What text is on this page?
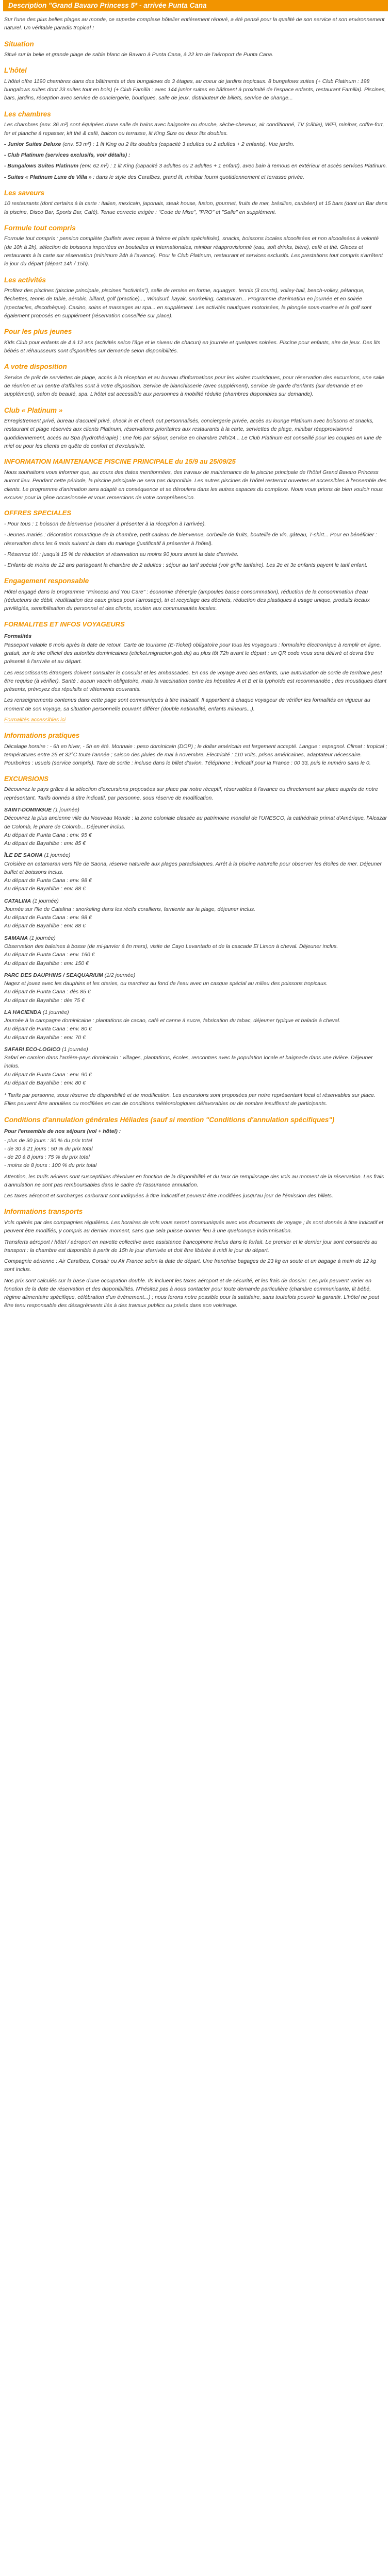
Description "Grand Bavaro Princess 5* - arrivée Punta Cana

Sur l'une des plus belles plages au monde, ce superbe complexe hôtelier entièrement rénové, a été pensé pour la qualité de son service et son environnement naturel. Un véritable paradis tropical !

Situation

Situé sur la belle et grande plage de sable blanc de Bavaro à Punta Cana, à 22 km de l'aéroport de Punta Cana.

L'hôtel

L'hôtel offre 1190 chambres dans des bâtiments et des bungalows de 3 étages, au coeur de jardins tropicaux. 8 bungalows suites (+ Club Platinum : 198 bungalows suites dont 23 suites tout en bois) (+ Club Familia : avec 144 junior suites en bâtiment à proximité de l'espace enfants, restaurant Familia). Piscines, bars, jardins, réception avec service de conciergerie, boutiques, salle de jeux, distributeur de billets, service de change...

Les chambres

Les chambres (env. 36 m²) sont équipées d'une salle de bains avec baignoire ou douche, sèche-cheveux, air conditionné, TV (câble), WiFi, minibar, coffre-fort, fer et planche à repasser, kit thé & café, balcon ou terrasse, lit King Size ou deux lits doubles.

- Junior Suites Deluxe (env. 53 m²) : 1 lit King ou 2 lits doubles (capacité 3 adultes ou 2 adultes + 2 enfants). Vue jardin.

- Club Platinum (services exclusifs, voir détails) :

- Bungalows Suites Platinum (env. 62 m²) : 1 lit King (capacité 3 adultes ou 2 adultes + 1 enfant), avec bain à remous en extérieur et accès services Platinum.

- Suites « Platinum Luxe de Villa » : dans le style des Caraïbes, grand lit, minibar fourni quotidiennement et terrasse privée.

Les saveurs

10 restaurants (dont certains à la carte : italien, mexicain, japonais, steak house, fusion, gourmet, fruits de mer, brésilien, caribéen) et 15 bars (dont un Bar dans la piscine, Disco Bar, Sports Bar, Café). Tenue correcte exigée : "Code de Mise", "PRO" et "Salle" en supplément.

Formule tout compris

Formule tout compris : pension complète (buffets avec repas à thème et plats spécialisés), snacks, boissons locales alcoolisées et non alcoolisées à volonté (de 10h à 2h), sélection de boissons importées en bouteilles et internationales, minibar réapprovisionné (eau, soft drinks, bière), café et thé. Glaces et restaurants à la carte sur réservation (minimum 24h à l'avance). Pour le Club Platinum, restaurant et services exclusifs. Les prestations tout compris s'arrêtent le jour du départ (départ 14h / 15h).

Les activités

Profitez des piscines (piscine principale, piscines "activités"), salle de remise en forme, aquagym, tennis (3 courts), volley-ball, beach-volley, pétanque, fléchettes, tennis de table, aérobic, billard, golf (practice)..., Windsurf, kayak, snorkeling, catamaran... Programme d'animation en journée et en soirée (spectacles, discothèque). Casino, soins et massages au spa... en supplément. Les activités nautiques motorisées, la plongée sous-marine et le golf sont également proposés en supplément (réservation conseillée sur place).

Pour les plus jeunes

Kids Club pour enfants de 4 à 12 ans (activités selon l'âge et le niveau de chacun) en journée et quelques soirées. Piscine pour enfants, aire de jeux. Des lits bébés et réhausseurs sont disponibles sur demande selon disponibilités.

A votre disposition

Service de prêt de serviettes de plage, accès à la réception et au bureau d'informations pour les visites touristiques, pour réservation des excursions, une salle de réunion et un centre d'affaires sont à votre disposition. Service de blanchisserie (avec supplément), service de garde d'enfants (sur demande et en supplément), salon de beauté, spa. L'hôtel est accessible aux personnes à mobilité réduite (chambres disponibles sur demande).

Club « Platinum »

Enregistrement privé, bureau d'accueil privé, check in et check out personnalisés, conciergerie privée, accès au lounge Platinum avec boissons et snacks, restaurant et plage réservés aux clients Platinum, réservations prioritaires aux restaurants à la carte, serviettes de plage, minibar réapprovisionné quotidiennement, accès au Spa (hydrothérapie) : une fois par séjour, service en chambre 24h/24... Le Club Platinum est conseillé pour les couples en lune de miel ou pour les clients en quête de confort et d'exclusivité.

INFORMATION MAINTENANCE PISCINE PRINCIPALE du 15/9 au 25/09/25

Nous souhaitons vous informer que, au cours des dates mentionnées, des travaux de maintenance de la piscine principale de l'hôtel Grand Bavaro Princess auront lieu. Pendant cette période, la piscine principale ne sera pas disponible. Les autres piscines de l'hôtel resteront ouvertes et accessibles à l'ensemble des clients. Le programme d'animation sera adapté en conséquence et se déroulera dans les autres espaces du complexe. Nous vous prions de bien vouloir nous excuser pour la gêne occasionnée et vous remercions de votre compréhension.

OFFRES SPECIALES

- Pour tous : 1 boisson de bienvenue (voucher à présenter à la réception à l'arrivée).

- Jeunes mariés : décoration romantique de la chambre, petit cadeau de bienvenue, corbeille de fruits, bouteille de vin, gâteau, T-shirt... Pour en bénéficier : réservation dans les 6 mois suivant la date du mariage (justificatif à présenter à l'hôtel).

- Réservez tôt : jusqu'à 15 % de réduction si réservation au moins 90 jours avant la date d'arrivée.

- Enfants de moins de 12 ans partageant la chambre de 2 adultes : séjour au tarif spécial (voir grille tarifaire). Les 2e et 3e enfants payent le tarif enfant.

Engagement responsable

Hôtel engagé dans le programme "Princess and You Care" : économie d'énergie (ampoules basse consommation), réduction de la consommation d'eau (réducteurs de débit, réutilisation des eaux grises pour l'arrosage), tri et recyclage des déchets, réduction des plastiques à usage unique, produits locaux privilégiés, sensibilisation du personnel et des clients, soutien aux communautés locales.

FORMALITES ET INFOS VOYAGEURS

Formalités

Passeport valable 6 mois après la date de retour. Carte de tourisme (E-Ticket) obligatoire pour tous les voyageurs : formulaire électronique à remplir en ligne, gratuit, sur le site officiel des autorités dominicaines (eticket.migracion.gob.do) au plus tôt 72h avant le départ ; un QR code vous sera délivré et devra être présenté à l'arrivée et au départ.

Les ressortissants étrangers doivent consulter le consulat et les ambassades. En cas de voyage avec des enfants, une autorisation de sortie de territoire peut être requise (à vérifier). Santé : aucun vaccin obligatoire, mais la vaccination contre les hépatites A et B et la typhoïde est recommandée ; des moustiques étant présents, prévoyez des répulsifs et vêtements couvrants.

Les renseignements contenus dans cette page sont communiqués à titre indicatif. Il appartient à chaque voyageur de vérifier les formalités en vigueur au moment de son voyage, sa situation personnelle pouvant différer (double nationalité, enfants mineurs...).

Formalités accessibles ici

Informations pratiques

Décalage horaire : - 6h en hiver, - 5h en été. Monnaie : peso dominicain (DOP) ; le dollar américain est largement accepté. Langue : espagnol. Climat : tropical ; températures entre 25 et 32°C toute l'année ; saison des pluies de mai à novembre. Electricité : 110 volts, prises américaines, adaptateur nécessaire. Pourboires : usuels (service compris). Taxe de sortie : incluse dans le billet d'avion. Téléphone : indicatif pour la France : 00 33, puis le numéro sans le 0.

EXCURSIONS

Découvrez le pays grâce à la sélection d'excursions proposées sur place par notre réceptif, réservables à l'avance ou directement sur place auprès de notre représentant. Tarifs donnés à titre indicatif, par personne, sous réserve de modification.

SAINT-DOMINGUE (1 journée)

Découvrez la plus ancienne ville du Nouveau Monde : la zone coloniale classée au patrimoine mondial de l'UNESCO, la cathédrale primat d'Amérique, l'Alcazar de Colomb, le phare de Colomb... Déjeuner inclus.

Au départ de Punta Cana : env. 95 €

Au départ de Bayahibe : env. 85 €

ÎLE DE SAONA (1 journée)

Croisière en catamaran vers l'île de Saona, réserve naturelle aux plages paradisiaques. Arrêt à la piscine naturelle pour observer les étoiles de mer. Déjeuner buffet et boissons inclus.

Au départ de Punta Cana : env. 98 €

Au départ de Bayahibe : env. 88 €

CATALINA (1 journée)

Journée sur l'île de Catalina : snorkeling dans les récifs coralliens, farniente sur la plage, déjeuner inclus.

Au départ de Punta Cana : env. 98 €

Au départ de Bayahibe : env. 88 €

SAMANA (1 journée)

Observation des baleines à bosse (de mi-janvier à fin mars), visite de Cayo Levantado et de la cascade El Limon à cheval. Déjeuner inclus.

Au départ de Punta Cana : env. 160 €

Au départ de Bayahibe : env. 150 €

PARC DES DAUPHINS / SEAQUARIUM (1/2 journée)

Nagez et jouez avec les dauphins et les otaries, ou marchez au fond de l'eau avec un casque spécial au milieu des poissons tropicaux.

Au départ de Punta Cana : dès 85 €

Au départ de Bayahibe : dès 75 €

LA HACIENDA (1 journée)

Journée à la campagne dominicaine : plantations de cacao, café et canne à sucre, fabrication du tabac, déjeuner typique et balade à cheval.

Au départ de Punta Cana : env. 80 €

Au départ de Bayahibe : env. 70 €

SAFARI ECO-LOGICO (1 journée)

Safari en camion dans l'arrière-pays dominicain : villages, plantations, écoles, rencontres avec la population locale et baignade dans une rivière. Déjeuner inclus.

Au départ de Punta Cana : env. 90 €

Au départ de Bayahibe : env. 80 €

* Tarifs par personne, sous réserve de disponibilité et de modification. Les excursions sont proposées par notre représentant local et réservables sur place. Elles peuvent être annulées ou modifiées en cas de conditions météorologiques défavorables ou de nombre insuffisant de participants.

Conditions d'annulation générales Héliades (sauf si mention "Conditions d'annulation spécifiques")

Pour l'ensemble de nos séjours (vol + hôtel) :

- plus de 30 jours : 30 % du prix total

- de 30 à 21 jours : 50 % du prix total

- de 20 à 8 jours : 75 % du prix total

- moins de 8 jours : 100 % du prix total

Attention, les tarifs aériens sont susceptibles d'évoluer en fonction de la disponibilité et du taux de remplissage des vols au moment de la réservation. Les frais d'annulation ne sont pas remboursables dans le cadre de l'assurance annulation.

Les taxes aéroport et surcharges carburant sont indiquées à titre indicatif et peuvent être modifiées jusqu'au jour de l'émission des billets.

Informations transports

Vols opérés par des compagnies régulières. Les horaires de vols vous seront communiqués avec vos documents de voyage ; ils sont donnés à titre indicatif et peuvent être modifiés, y compris au dernier moment, sans que cela puisse donner lieu à une quelconque indemnisation.

Transferts aéroport / hôtel / aéroport en navette collective avec assistance francophone inclus dans le forfait. Le premier et le dernier jour sont consacrés au transport : la chambre est disponible à partir de 15h le jour d'arrivée et doit être libérée à midi le jour du départ.

Compagnie aérienne : Air Caraïbes, Corsair ou Air France selon la date de départ. Une franchise bagages de 23 kg en soute et un bagage à main de 12 kg sont inclus.

Nos prix sont calculés sur la base d'une occupation double. Ils incluent les taxes aéroport et de sécurité, et les frais de dossier. Les prix peuvent varier en fonction de la date de réservation et des disponibilités. N'hésitez pas à nous contacter pour toute demande particulière (chambre communicante, lit bébé, régime alimentaire spécifique, célébration d'un événement...) ; nous ferons notre possible pour la satisfaire, sans toutefois pouvoir la garantir. L'hôtel ne peut être tenu responsable des désagréments liés à des travaux publics ou privés dans son voisinage.
